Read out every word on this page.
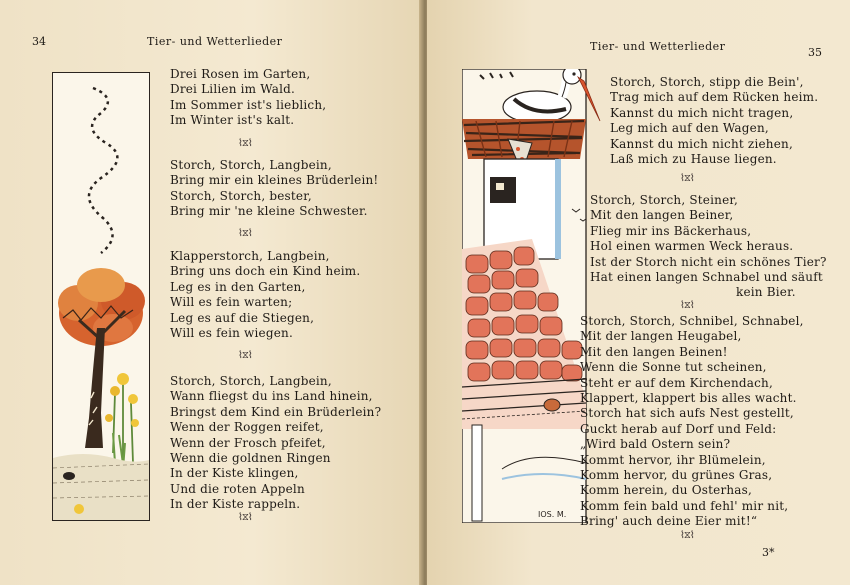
34	Tier- und Wetterlieder
Drei Rosen im Garten,
Drei Lilien im Wald.
Im Sommer ist's lieblich,
Im Winter ist's kalt.
⌇⧖⌇
Storch, Storch, Langbein,
Bring mir ein kleines Brüderlein!
Storch, Storch, bester,
Bring mir 'ne kleine Schwester.
⌇⧖⌇
Klapperstorch, Langbein,
Bring uns doch ein Kind heim.
Leg es in den Garten,
Will es fein warten;
Leg es auf die Stiegen,
Will es fein wiegen.
⌇⧖⌇
Storch, Storch, Langbein,
Wann fliegst du ins Land hinein,
Bringst dem Kind ein Brüderlein?
Wenn der Roggen reifet,
Wenn der Frosch pfeifet,
Wenn die goldnen Ringen
In der Kiste klingen,
Und die roten Appeln
In der Kiste rappeln.
⌇⧖⌇
Tier- und Wetterlieder	35
IOS. M.
Storch, Storch, stipp die Bein',
Trag mich auf dem Rücken heim.
Kannst du mich nicht tragen,
Leg mich auf den Wagen,
Kannst du mich nicht ziehen,
Laß mich zu Hause liegen.
⌇⧖⌇
Storch, Storch, Steiner,
Mit den langen Beiner,
Flieg mir ins Bäckerhaus,
Hol einen warmen Weck heraus.
Ist der Storch nicht ein schönes Tier?
Hat einen langen Schnabel und säuft
kein Bier.
⌇⧖⌇
Storch, Storch, Schnibel, Schnabel,
Mit der langen Heugabel,
Mit den langen Beinen!
Wenn die Sonne tut scheinen,
Steht er auf dem Kirchendach,
Klappert, klappert bis alles wacht.
Storch hat sich aufs Nest gestellt,
Guckt herab auf Dorf und Feld:
„Wird bald Ostern sein?
Kommt hervor, ihr Blümelein,
Komm hervor, du grünes Gras,
Komm herein, du Osterhas,
Komm fein bald und fehl' mir nit,
Bring' auch deine Eier mit!“
⌇⧖⌇
3*
